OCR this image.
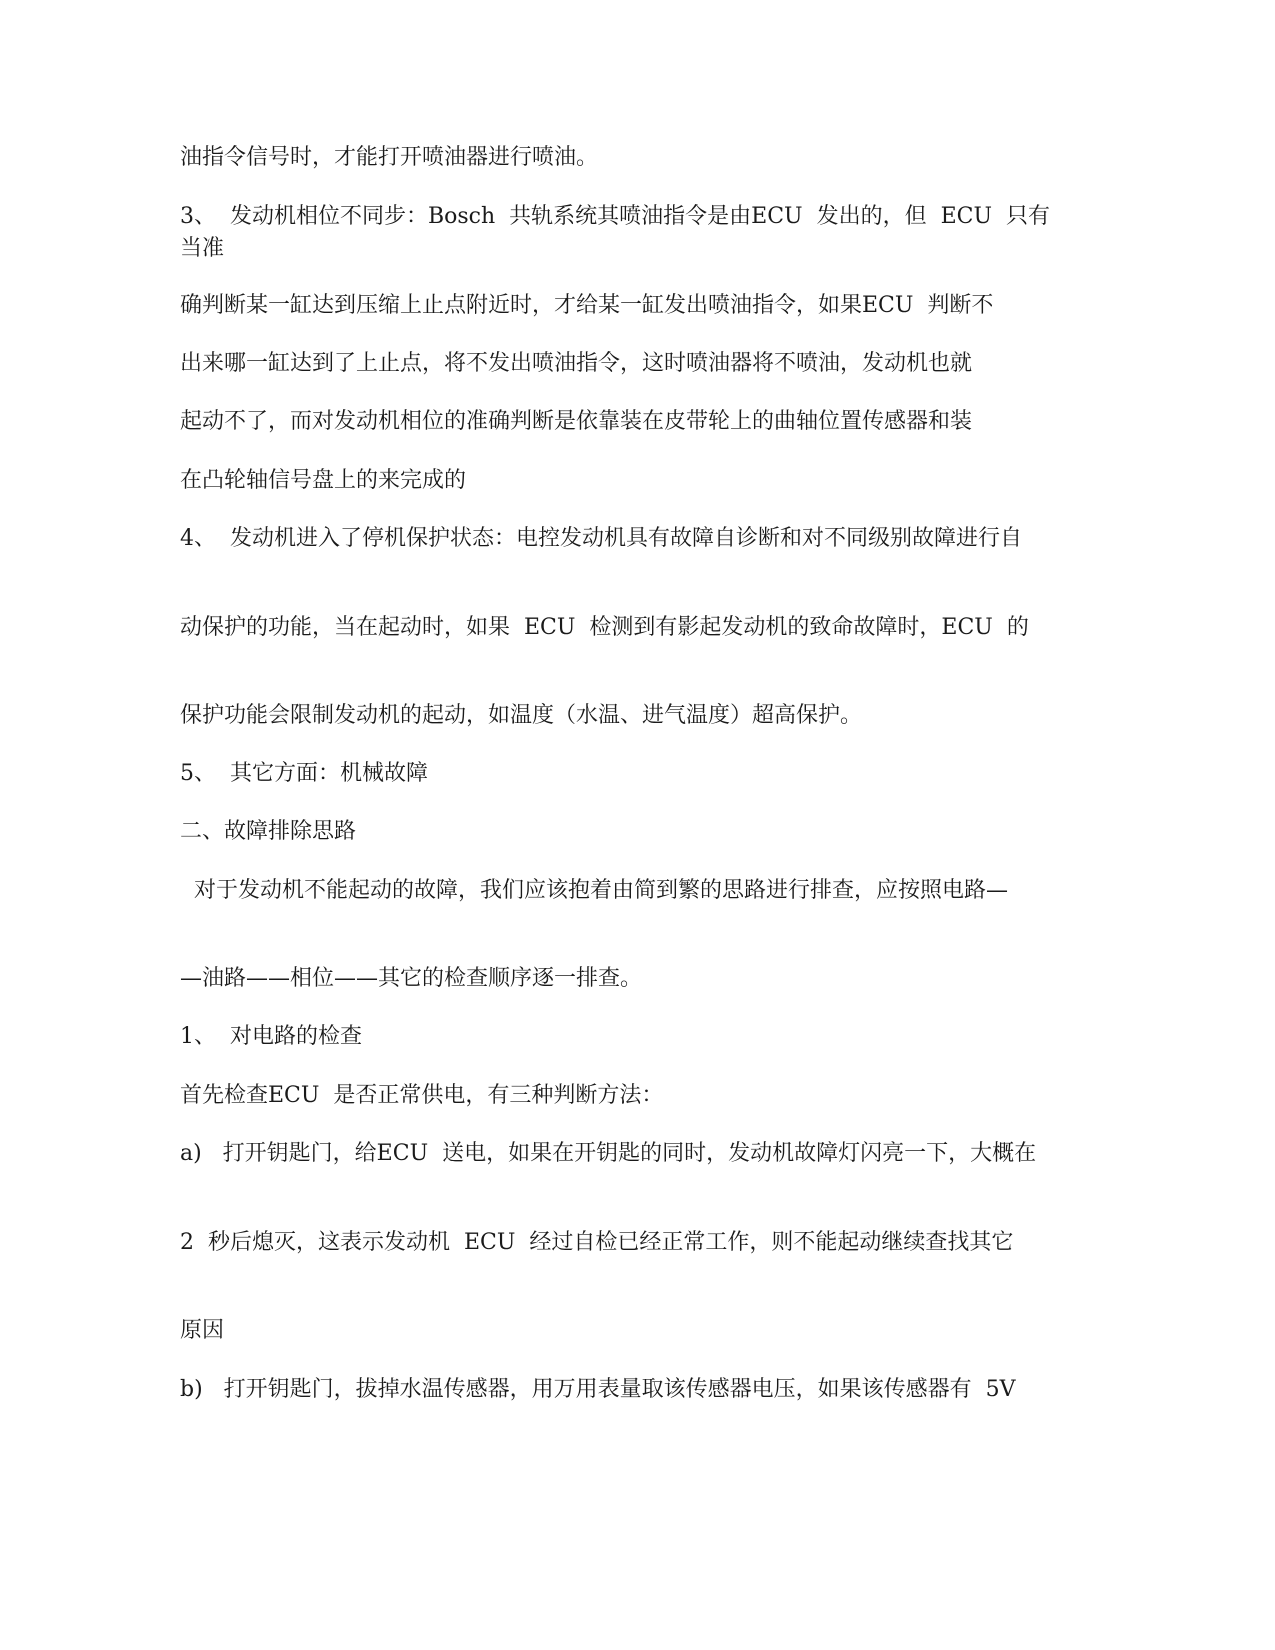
油指令信号时，才能打开喷油器进行喷油。
3、  发动机相位不同步：Bosch  共轨系统其喷油指令是由ECU  发出的，但  ECU  只有当准
确判断某一缸达到压缩上止点附近时，才给某一缸发出喷油指令，如果ECU  判断不
出来哪一缸达到了上止点，将不发出喷油指令，这时喷油器将不喷油，发动机也就
起动不了，而对发动机相位的准确判断是依靠装在皮带轮上的曲轴位置传感器和装
在凸轮轴信号盘上的来完成的
4、  发动机进入了停机保护状态：电控发动机具有故障自诊断和对不同级别故障进行自
动保护的功能，当在起动时，如果  ECU  检测到有影起发动机的致命故障时，ECU  的
保护功能会限制发动机的起动，如温度（水温、进气温度）超高保护。
5、  其它方面：机械故障
二、故障排除思路
对于发动机不能起动的故障，我们应该抱着由简到繁的思路进行排查，应按照电路—
—油路——相位——其它的检查顺序逐一排查。
1、  对电路的检查
首先检查ECU  是否正常供电，有三种判断方法：
a)   打开钥匙门，给ECU  送电，如果在开钥匙的同时，发动机故障灯闪亮一下，大概在
2  秒后熄灭，这表示发动机  ECU  经过自检已经正常工作，则不能起动继续查找其它
原因
b)   打开钥匙门，拔掉水温传感器，用万用表量取该传感器电压，如果该传感器有  5V
